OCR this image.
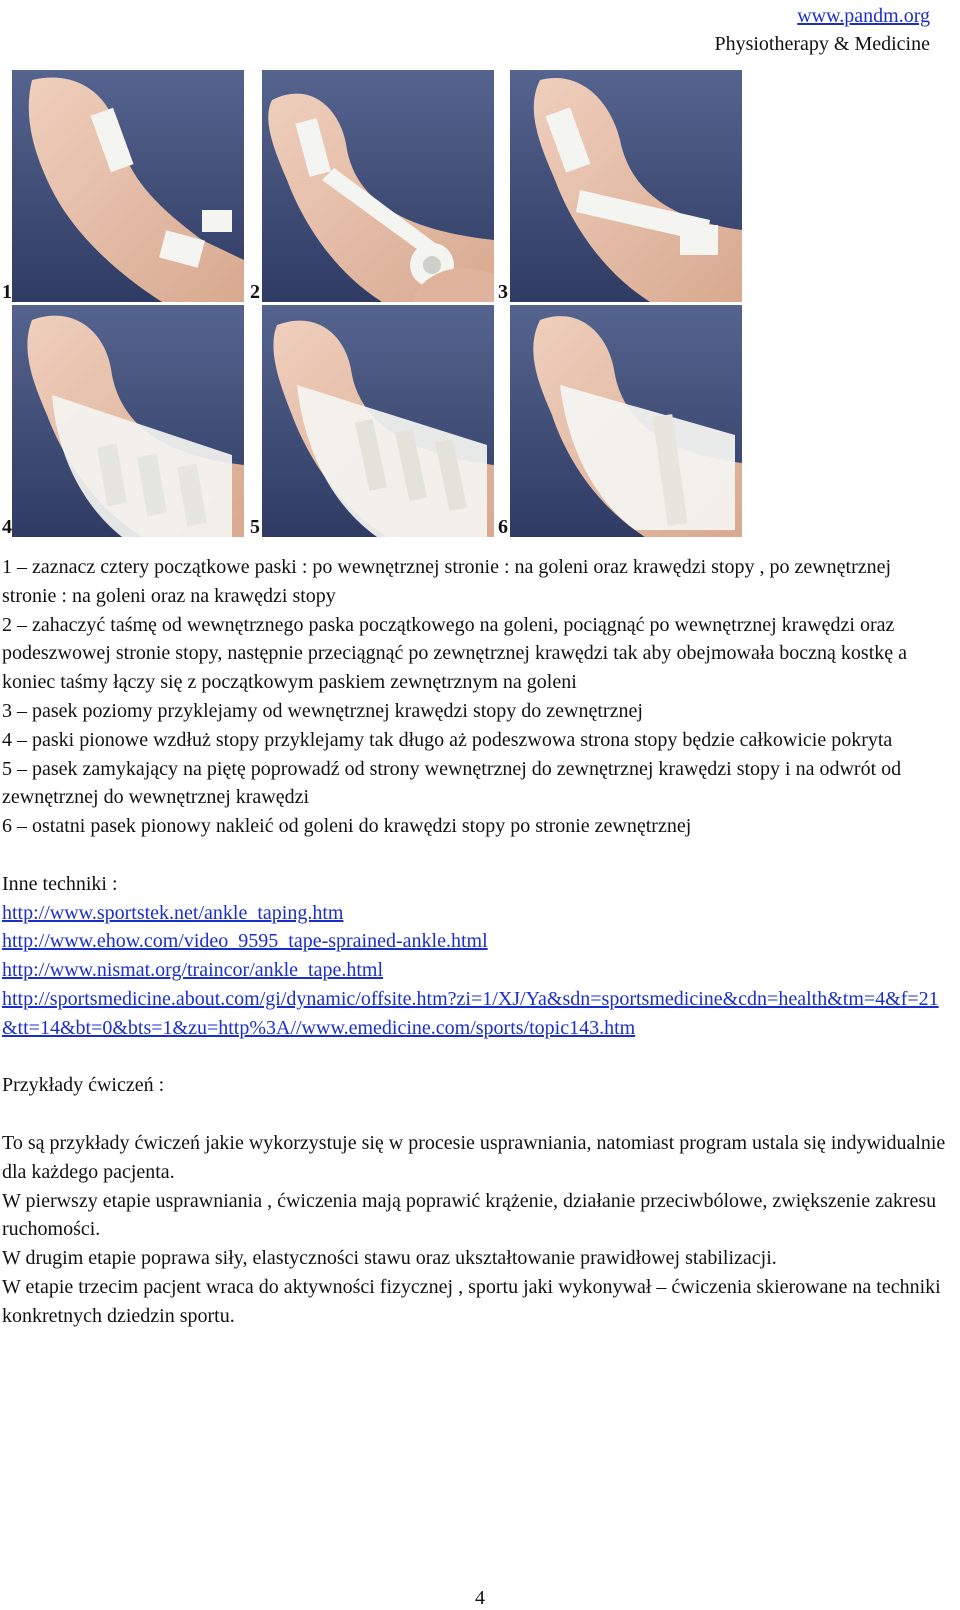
www.pandm.org
Physiotherapy & Medicine
1	2	3
4	5	6

1 – zaznacz cztery początkowe paski : po wewnętrznej stronie : na goleni oraz krawędzi stopy , po zewnętrznej stronie : na goleni oraz na krawędzi stopy

2 – zahaczyć taśmę od wewnętrznego paska początkowego na goleni, pociągnąć po wewnętrznej krawędzi oraz podeszwowej stronie stopy, następnie przeciągnąć po zewnętrznej krawędzi tak aby obejmowała boczną kostkę a koniec taśmy łączy się z początkowym paskiem zewnętrznym na goleni

3 – pasek poziomy przyklejamy od wewnętrznej krawędzi stopy do zewnętrznej

4 – paski pionowe wzdłuż stopy przyklejamy tak długo aż podeszwowa strona stopy będzie całkowicie pokryta

5 – pasek zamykający na piętę poprowadź od strony wewnętrznej do zewnętrznej krawędzi stopy i na odwrót od zewnętrznej do wewnętrznej krawędzi

6 – ostatni pasek pionowy nakleić od goleni do krawędzi stopy po stronie zewnętrznej

Inne techniki :

http://www.sportstek.net/ankle_taping.htm

http://www.ehow.com/video_9595_tape-sprained-ankle.html

http://www.nismat.org/traincor/ankle_tape.html

http://sportsmedicine.about.com/gi/dynamic/offsite.htm?zi=1/XJ/Ya&sdn=sportsmedicine&cdn=health&tm=4&f=21&tt=14&bt=0&bts=1&zu=http%3A//www.emedicine.com/sports/topic143.htm

Przykłady ćwiczeń :

To są przykłady ćwiczeń jakie wykorzystuje się w procesie usprawniania, natomiast program ustala się indywidualnie dla każdego pacjenta.

W pierwszy etapie usprawniania , ćwiczenia mają poprawić krążenie, działanie przeciwbólowe, zwiększenie zakresu ruchomości.

W drugim etapie poprawa siły, elastyczności stawu oraz ukształtowanie prawidłowej stabilizacji.

W etapie trzecim pacjent wraca do aktywności fizycznej , sportu jaki wykonywał – ćwiczenia skierowane na techniki konkretnych dziedzin sportu.

4
